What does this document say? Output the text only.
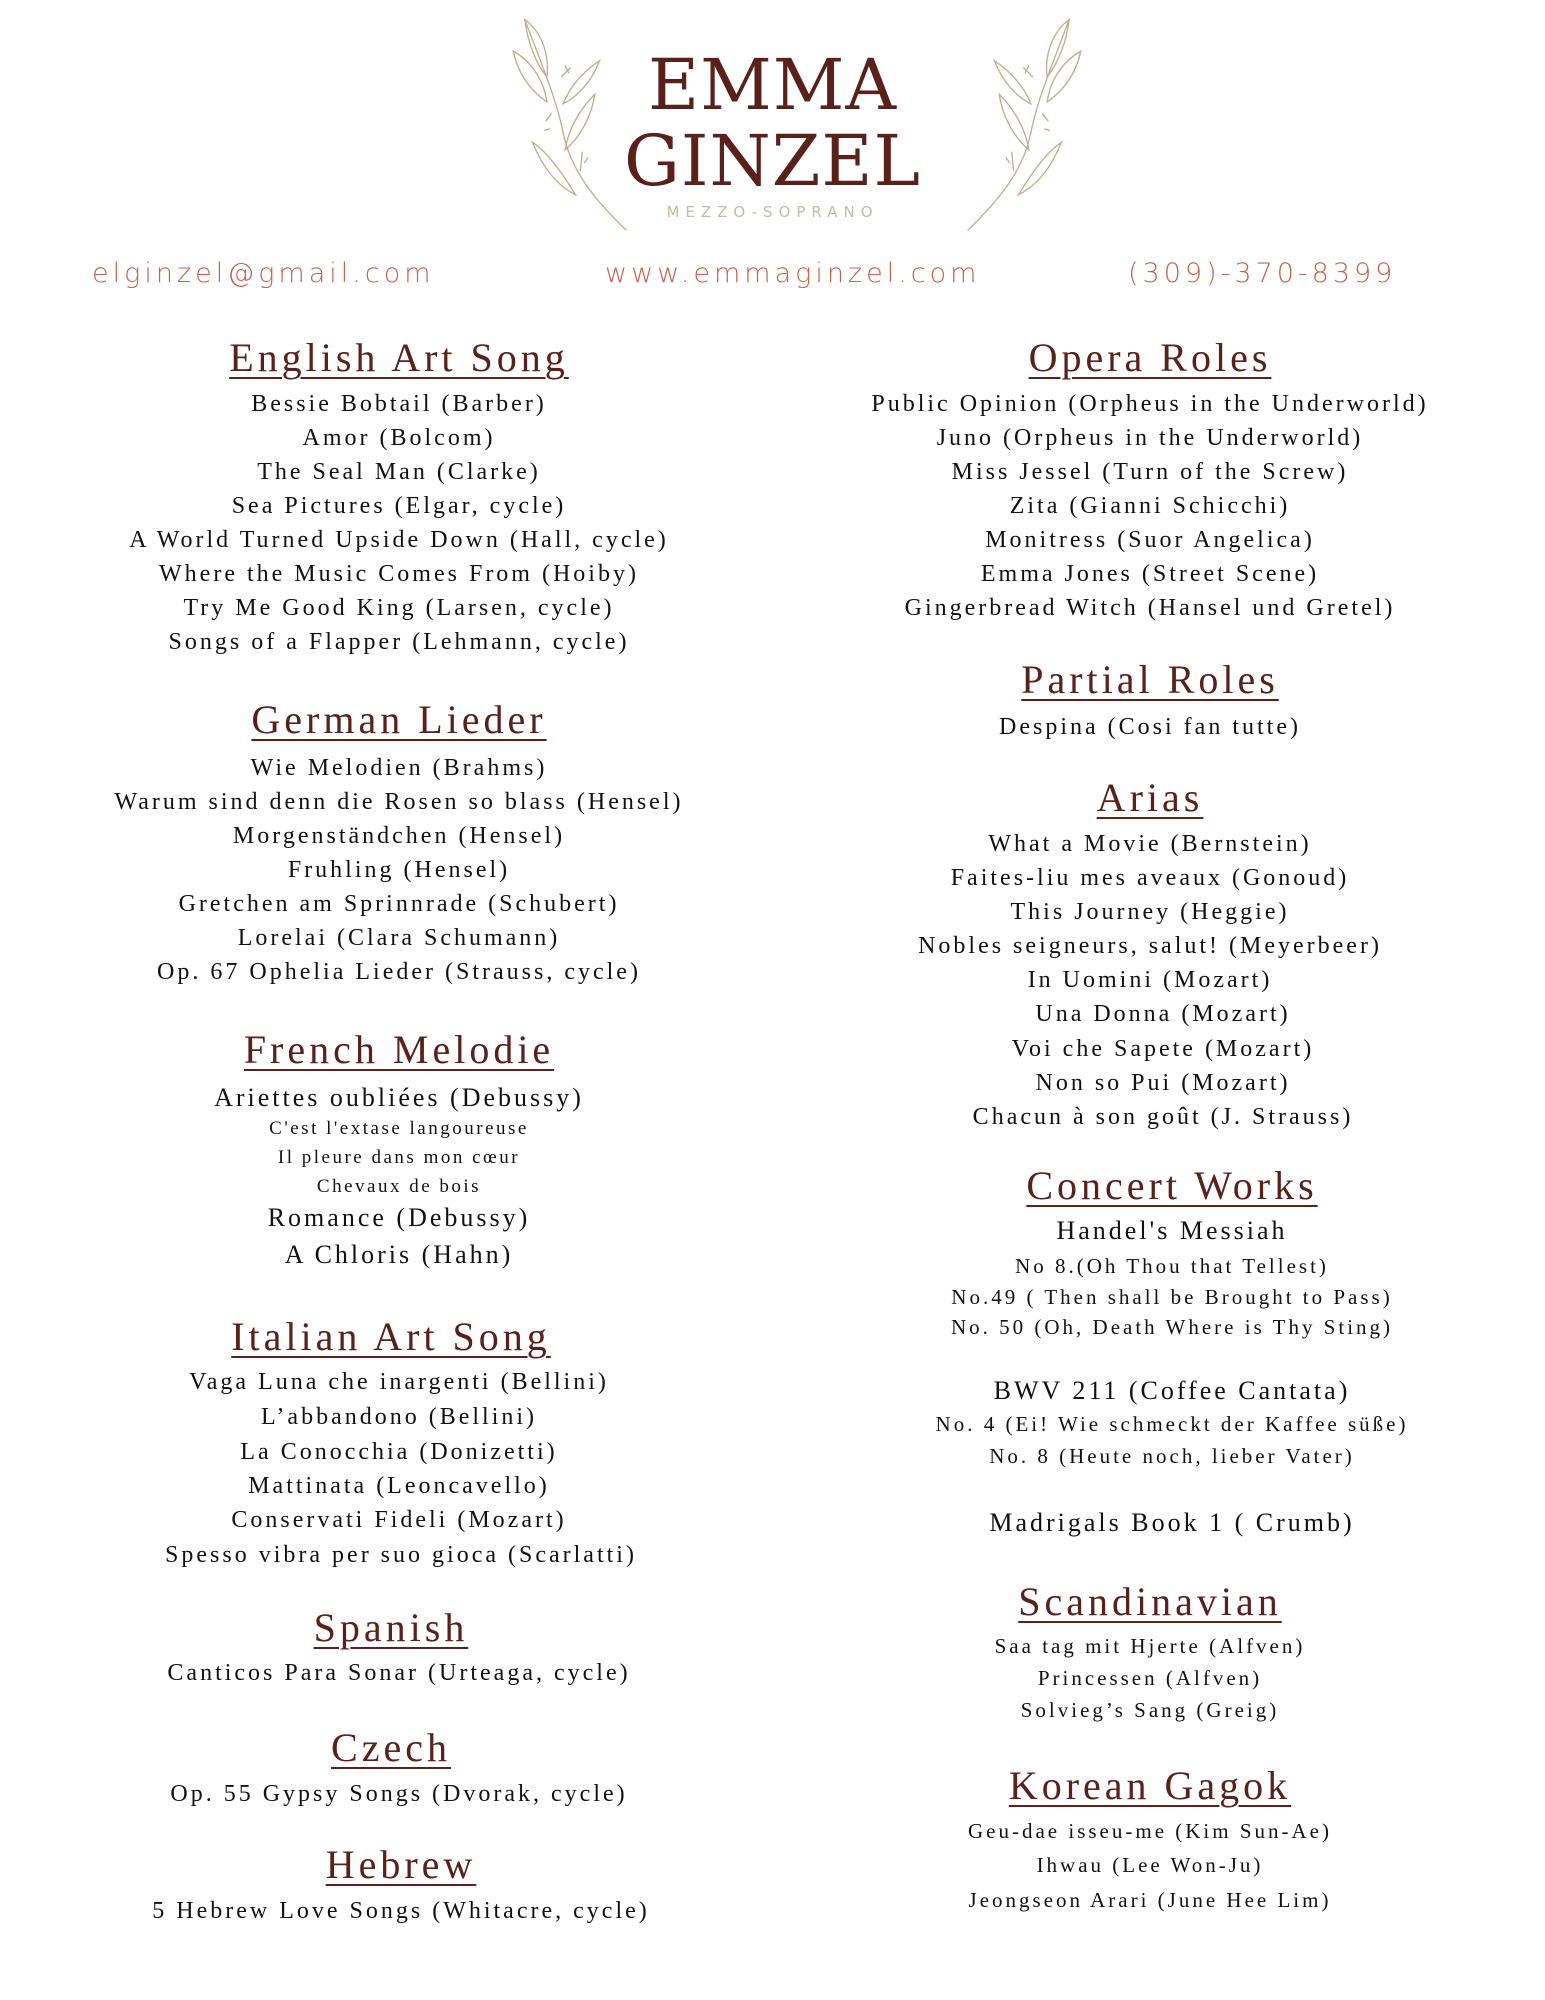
EMMA
GINZEL
MEZZO-SOPRANO
elginzel@gmail.com	www.emmaginzel.com	(309)-370-8399
English Art Song
Bessie Bobtail (Barber)
Amor (Bolcom)
The Seal Man (Clarke)
Sea Pictures (Elgar, cycle)
A World Turned Upside Down (Hall, cycle)
Where the Music Comes From (Hoiby)
Try Me Good King (Larsen, cycle)
Songs of a Flapper (Lehmann, cycle)
German Lieder
Wie Melodien (Brahms)
Warum sind denn die Rosen so blass (Hensel)
Morgenständchen (Hensel)
Fruhling (Hensel)
Gretchen am Sprinnrade (Schubert)
Lorelai (Clara Schumann)
Op. 67 Ophelia Lieder (Strauss, cycle)
French Melodie
Ariettes oubliées (Debussy)
C'est l'extase langoureuse
Il pleure dans mon cœur
Chevaux de bois
Romance (Debussy)
A Chloris (Hahn)
Italian Art Song
Vaga Luna che inargenti (Bellini)
L’abbandono (Bellini)
La Conocchia (Donizetti)
Mattinata (Leoncavello)
Conservati Fideli (Mozart)
Spesso vibra per suo gioca (Scarlatti)
Spanish
Canticos Para Sonar (Urteaga, cycle)
Czech
Op. 55 Gypsy Songs (Dvorak, cycle)
Hebrew
5 Hebrew Love Songs (Whitacre, cycle)
Opera Roles
Public Opinion (Orpheus in the Underworld)
Juno (Orpheus in the Underworld)
Miss Jessel (Turn of the Screw)
Zita (Gianni Schicchi)
Monitress (Suor Angelica)
Emma Jones (Street Scene)
Gingerbread Witch (Hansel und Gretel)
Partial Roles
Despina (Cosi fan tutte)
Arias
What a Movie (Bernstein)
Faites-liu mes aveaux (Gonoud)
This Journey (Heggie)
Nobles seigneurs, salut! (Meyerbeer)
In Uomini (Mozart)
Una Donna (Mozart)
Voi che Sapete (Mozart)
Non so Pui (Mozart)
Chacun à son goût (J. Strauss)
Concert Works
Handel's Messiah
No 8.(Oh Thou that Tellest)
No.49 ( Then shall be Brought to Pass)
No. 50 (Oh, Death Where is Thy Sting)
BWV 211 (Coffee Cantata)
No. 4 (Ei! Wie schmeckt der Kaffee süße)
No. 8 (Heute noch, lieber Vater)
Madrigals Book 1 ( Crumb)
Scandinavian
Saa tag mit Hjerte (Alfven)
Princessen (Alfven)
Solvieg’s Sang (Greig)
Korean Gagok
Geu-dae isseu-me (Kim Sun-Ae)
Ihwau (Lee Won-Ju)
Jeongseon Arari (June Hee Lim)
